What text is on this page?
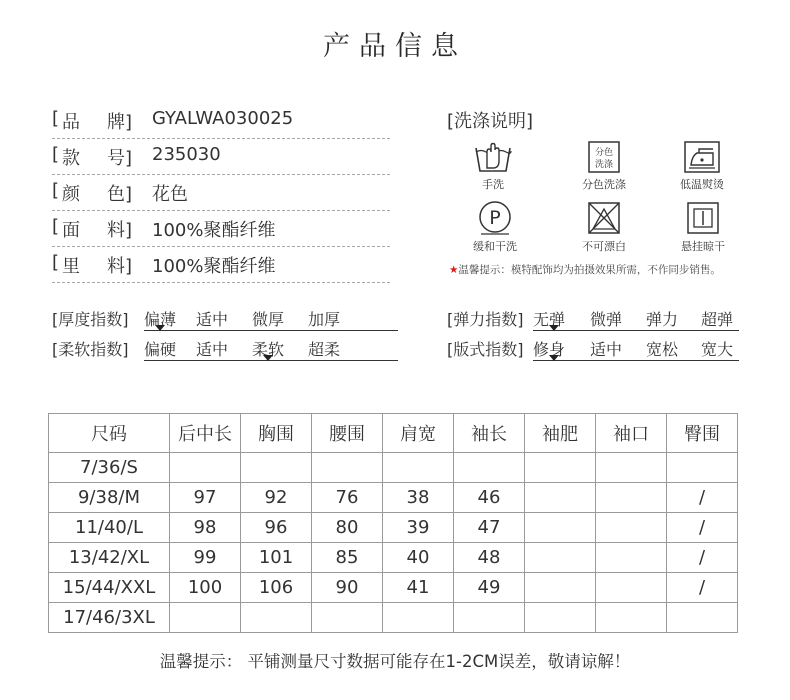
产品信息
[ 品 牌] GYALWA030025
[ 款 号] 235030
[ 颜 色] 花色
[ 面 料] 100%聚酯纤维
[ 里 料] 100%聚酯纤维
[洗涤说明]
手洗
分色
洗涤
分色洗涤	低温熨烫
P
缓和干洗	不可漂白	悬挂晾干
★温馨提示：模特配饰均为拍摄效果所需，不作同步销售。
[厚度指数] 偏薄 适中 微厚 加厚
[柔软指数] 偏硬 适中 柔软 超柔
[弹力指数] 无弹 微弹 弹力 超弹
[版式指数] 修身 适中 宽松 宽大
尺码	后中长	胸围	腰围	肩宽	袖长	袖肥	袖口	臀围
7/36/S								
9/38/M	97	92	76	38	46			/
11/40/L	98	96	80	39	47			/
13/42/XL	99	101	85	40	48			/
15/44/XXL	100	106	90	41	49			/
17/46/3XL								
温馨提示： 平铺测量尺寸数据可能存在1-2CM误差，敬请谅解！
